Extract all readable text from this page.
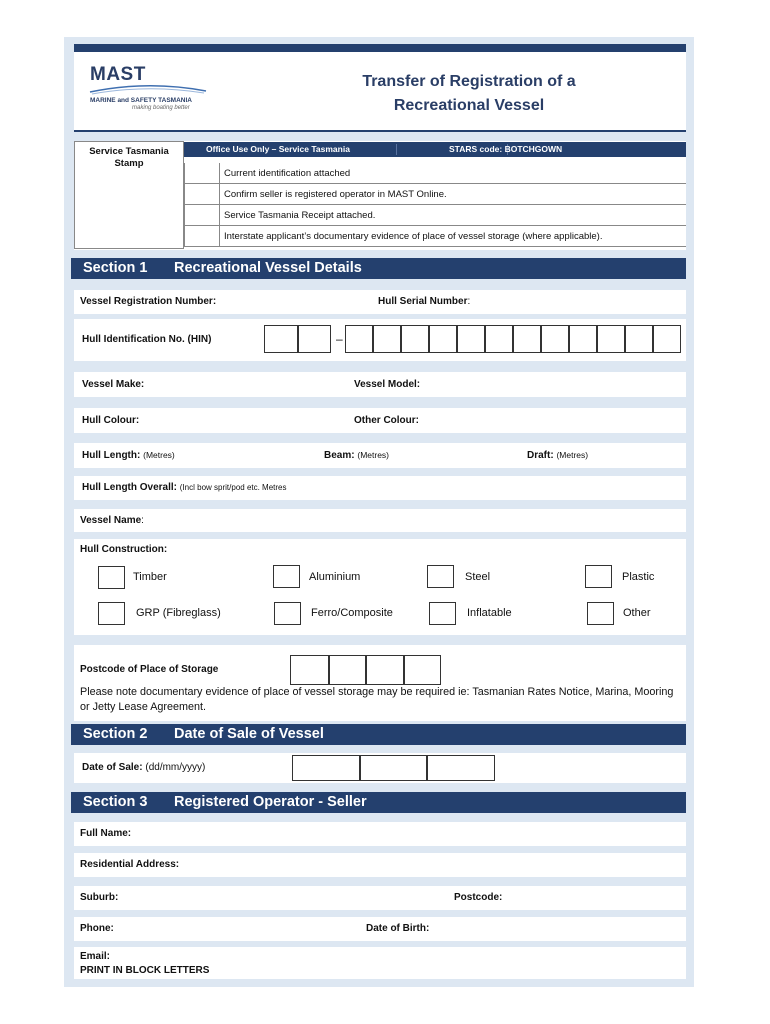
MAST
MARINE and SAFETY TASMANIA
making boating better
Transfer of Registration of a
Recreational Vessel
Service Tasmania Stamp
Office Use Only – Service Tasmania	STARS code: BOTCHGOWN
Current identification attached
Confirm seller is registered operator in MAST Online.
Service Tasmania Receipt attached.
Interstate applicant’s documentary evidence of place of vessel storage (where applicable).
Section 1 Recreational Vessel Details
Vessel Registration Number:	Hull Serial Number:
Hull Identification No. (HIN)	–
Vessel Make:	Vessel Model:
Hull Colour:	Other Colour:
Hull Length: (Metres)	Beam: (Metres)	Draft: (Metres)
Hull Length Overall: (Incl bow sprit/pod etc. Metres
Vessel Name:
Hull Construction:
Timber	Aluminium	Steel	Plastic
GRP (Fibreglass)	Ferro/Composite	Inflatable	Other
Postcode of Place of Storage
Please note documentary evidence of place of vessel storage may be required ie: Tasmanian Rates Notice, Marina, Mooring or Jetty Lease Agreement.
Section 2 Date of Sale of Vessel
Date of Sale: (dd/mm/yyyy)
Section 3 Registered Operator - Seller
Full Name:
Residential Address:
Suburb:	Postcode:
Phone:	Date of Birth:
Email:
PRINT IN BLOCK LETTERS
